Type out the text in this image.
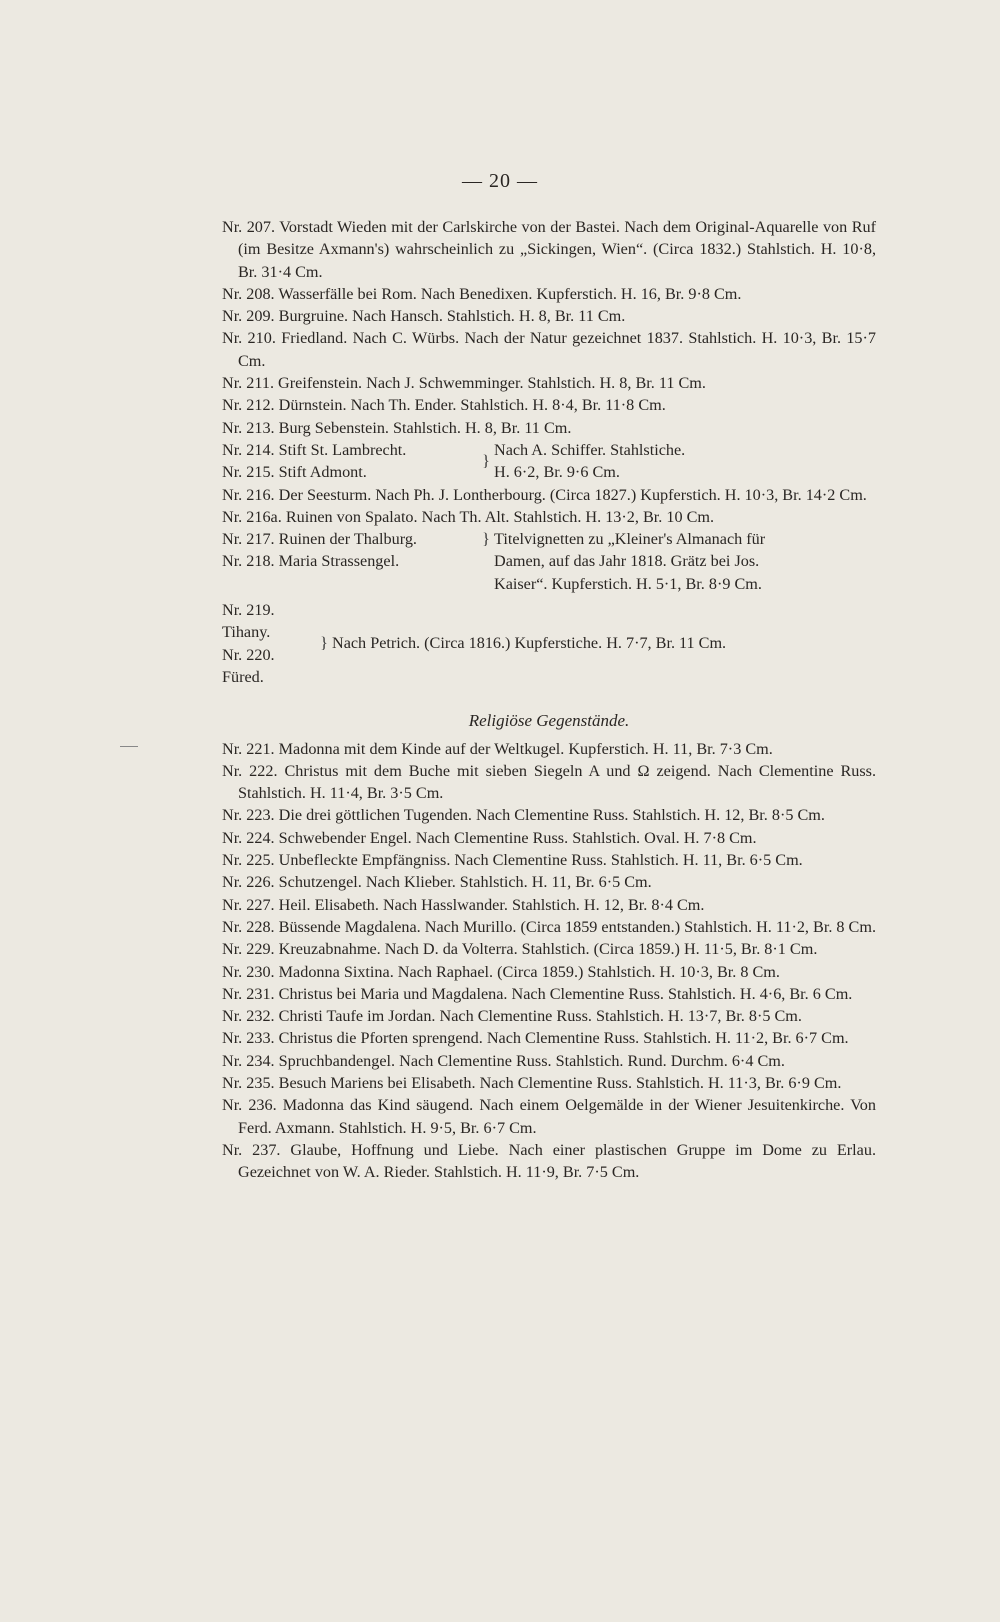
— 20 —
Nr. 207. Vorstadt Wieden mit der Carlskirche von der Bastei. Nach dem Original-Aquarelle von Ruf (im Besitze Axmann's) wahrscheinlich zu „Sickingen, Wien“. (Circa 1832.) Stahlstich. H. 10·8, Br. 31·4 Cm.
Nr. 208. Wasserfälle bei Rom. Nach Benedixen. Kupferstich. H. 16, Br. 9·8 Cm.
Nr. 209. Burgruine. Nach Hansch. Stahlstich. H. 8, Br. 11 Cm.
Nr. 210. Friedland. Nach C. Würbs. Nach der Natur gezeichnet 1837. Stahlstich. H. 10·3, Br. 15·7 Cm.
Nr. 211. Greifenstein. Nach J. Schwemminger. Stahlstich. H. 8, Br. 11 Cm.
Nr. 212. Dürnstein. Nach Th. Ender. Stahlstich. H. 8·4, Br. 11·8 Cm.
Nr. 213. Burg Sebenstein. Stahlstich. H. 8, Br. 11 Cm.
Nr. 214. Stift St. Lambrecht.
Nr. 215. Stift Admont.
	}	
Nach A. Schiffer. Stahlstiche.
H. 6·2, Br. 9·6 Cm.
Nr. 216. Der Seesturm. Nach Ph. J. Lontherbourg. (Circa 1827.) Kupferstich. H. 10·3, Br. 14·2 Cm.
Nr. 216a. Ruinen von Spalato. Nach Th. Alt. Stahlstich. H. 13·2, Br. 10 Cm.
Nr. 217. Ruinen der Thalburg.
Nr. 218. Maria Strassengel.
	}	Titelvignetten zu „Kleiner's Almanach für
Damen, auf das Jahr 1818. Grätz bei Jos.
Kaiser“. Kupferstich. H. 5·1, Br. 8·9 Cm.
Nr. 219. Tihany.
Nr. 220. Füred.
	}	Nach Petrich. (Circa 1816.) Kupferstiche. H. 7·7, Br. 11 Cm.
Religiöse Gegenstände.
Nr. 221. Madonna mit dem Kinde auf der Weltkugel. Kupferstich. H. 11, Br. 7·3 Cm.
Nr. 222. Christus mit dem Buche mit sieben Siegeln A und Ω zeigend. Nach Clementine Russ. Stahlstich. H. 11·4, Br. 3·5 Cm.
Nr. 223. Die drei göttlichen Tugenden. Nach Clementine Russ. Stahlstich. H. 12, Br. 8·5 Cm.
Nr. 224. Schwebender Engel. Nach Clementine Russ. Stahlstich. Oval. H. 7·8 Cm.
Nr. 225. Unbefleckte Empfängniss. Nach Clementine Russ. Stahlstich. H. 11, Br. 6·5 Cm.
Nr. 226. Schutzengel. Nach Klieber. Stahlstich. H. 11, Br. 6·5 Cm.
Nr. 227. Heil. Elisabeth. Nach Hasslwander. Stahlstich. H. 12, Br. 8·4 Cm.
Nr. 228. Büssende Magdalena. Nach Murillo. (Circa 1859 entstanden.) Stahlstich. H. 11·2, Br. 8 Cm.
Nr. 229. Kreuzabnahme. Nach D. da Volterra. Stahlstich. (Circa 1859.) H. 11·5, Br. 8·1 Cm.
Nr. 230. Madonna Sixtina. Nach Raphael. (Circa 1859.) Stahlstich. H. 10·3, Br. 8 Cm.
Nr. 231. Christus bei Maria und Magdalena. Nach Clementine Russ. Stahlstich. H. 4·6, Br. 6 Cm.
Nr. 232. Christi Taufe im Jordan. Nach Clementine Russ. Stahlstich. H. 13·7, Br. 8·5 Cm.
Nr. 233. Christus die Pforten sprengend. Nach Clementine Russ. Stahlstich. H. 11·2, Br. 6·7 Cm.
Nr. 234. Spruchbandengel. Nach Clementine Russ. Stahlstich. Rund. Durchm. 6·4 Cm.
Nr. 235. Besuch Mariens bei Elisabeth. Nach Clementine Russ. Stahlstich. H. 11·3, Br. 6·9 Cm.
Nr. 236. Madonna das Kind säugend. Nach einem Oelgemälde in der Wiener Jesuitenkirche. Von Ferd. Axmann. Stahlstich. H. 9·5, Br. 6·7 Cm.
Nr. 237. Glaube, Hoffnung und Liebe. Nach einer plastischen Gruppe im Dome zu Erlau. Gezeichnet von W. A. Rieder. Stahlstich. H. 11·9, Br. 7·5 Cm.
